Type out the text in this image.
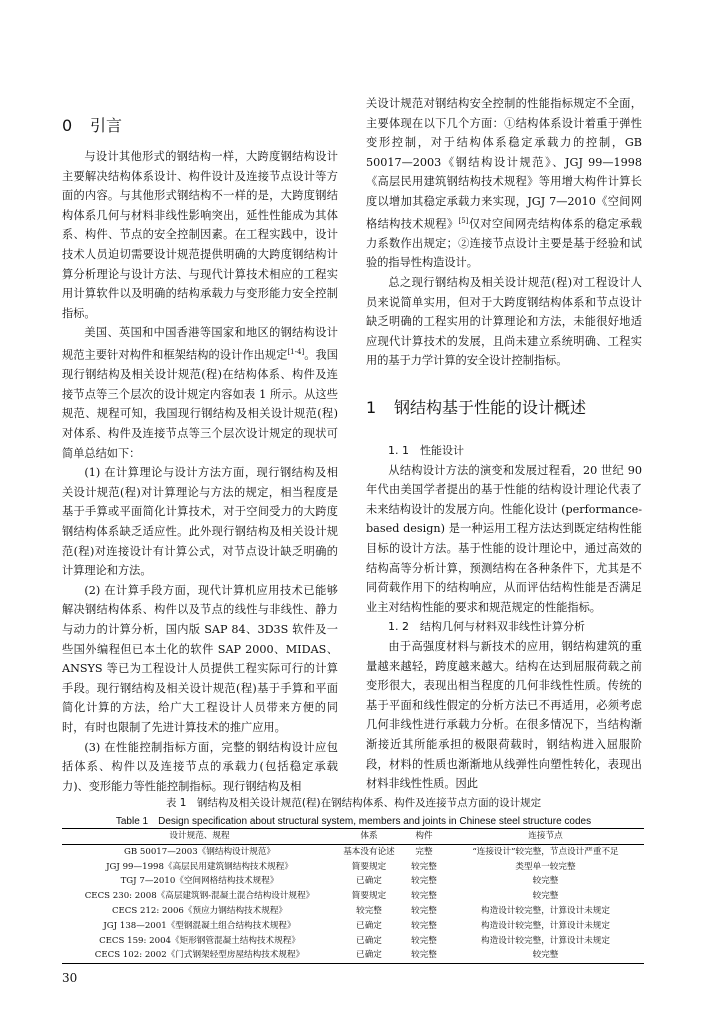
0 引言

与设计其他形式的钢结构一样，大跨度钢结构设计主要解决结构体系设计、构件设计及连接节点设计等方面的内容。与其他形式钢结构不一样的是，大跨度钢结构体系几何与材料非线性影响突出，延性性能成为其体系、构件、节点的安全控制因素。在工程实践中，设计技术人员迫切需要设计规范提供明确的大跨度钢结构计算分析理论与设计方法、与现代计算技术相应的工程实用计算软件以及明确的结构承载力与变形能力安全控制指标。

美国、英国和中国香港等国家和地区的钢结构设计规范主要针对构件和框架结构的设计作出规定[1-4]。我国现行钢结构及相关设计规范(程)在结构体系、构件及连接节点等三个层次的设计规定内容如表 1 所示。从这些规范、规程可知，我国现行钢结构及相关设计规范(程)对体系、构件及连接节点等三个层次设计规定的现状可简单总结如下：

(1) 在计算理论与设计方法方面，现行钢结构及相关设计规范(程)对计算理论与方法的规定，相当程度是基于手算或平面简化计算技术，对于空间受力的大跨度钢结构体系缺乏适应性。此外现行钢结构及相关设计规范(程)对连接设计有计算公式，对节点设计缺乏明确的计算理论和方法。

(2) 在计算手段方面，现代计算机应用技术已能够解决钢结构体系、构件以及节点的线性与非线性、静力与动力的计算分析，国内版 SAP 84、3D3S 软件及一些国外编程但已本土化的软件 SAP 2000、MIDAS、ANSYS 等已为工程设计人员提供工程实际可行的计算手段。现行钢结构及相关设计规范(程)基于手算和平面简化计算的方法，给广大工程设计人员带来方便的同时，有时也限制了先进计算技术的推广应用。

(3) 在性能控制指标方面，完整的钢结构设计应包括体系、构件以及连接节点的承载力(包括稳定承载力)、变形能力等性能控制指标。现行钢结构及相

关设计规范对钢结构安全控制的性能指标规定不全面，主要体现在以下几个方面：①结构体系设计着重于弹性变形控制，对于结构体系稳定承载力的控制，GB 50017—2003《钢结构设计规范》、JGJ 99—1998《高层民用建筑钢结构技术规程》等用增大构件计算长度以增加其稳定承载力来实现，JGJ 7—2010《空间网格结构技术规程》[5]仅对空间网壳结构体系的稳定承载力系数作出规定；②连接节点设计主要是基于经验和试验的指导性构造设计。

总之现行钢结构及相关设计规范(程)对工程设计人员来说简单实用，但对于大跨度钢结构体系和节点设计缺乏明确的工程实用的计算理论和方法，未能很好地适应现代计算技术的发展，且尚未建立系统明确、工程实用的基于力学计算的安全设计控制指标。

1 钢结构基于性能的设计概述

1. 1　 性能设计

从结构设计方法的演变和发展过程看，20 世纪 90 年代由美国学者提出的基于性能的结构设计理论代表了未来结构设计的发展方向。性能化设计 (performance-based design) 是一种运用工程方法达到既定结构性能目标的设计方法。基于性能的设计理论中，通过高效的结构高等分析计算，预测结构在各种条件下，尤其是不同荷载作用下的结构响应，从而评估结构性能是否满足业主对结构性能的要求和规范规定的性能指标。

1. 2　 结构几何与材料双非线性计算分析

由于高强度材料与新技术的应用，钢结构建筑的重量越来越轻，跨度越来越大。结构在达到屈服荷载之前变形很大，表现出相当程度的几何非线性性质。传统的基于平面和线性假定的分析方法已不再适用，必须考虑几何非线性进行承载力分析。在很多情况下，当结构渐渐接近其所能承担的极限荷载时，钢结构进入屈服阶段，材料的性质也渐渐地从线弹性向塑性转化，表现出材料非线性性质。因此

表 1　钢结构及相关设计规范(程)在钢结构体系、构件及连接节点方面的设计规定
Table 1　Design specification about structural system, members and joints in Chinese steel structure codes
设计规范、规程	体系	构件	连接节点
GB 50017—2003《钢结构设计规范》	基本没有论述	完整	“连接设计”较完整，节点设计严重不足
JGJ 99—1998《高层民用建筑钢结构技术规程》	简要规定	较完整	类型单一较完整
TGJ 7—2010《空间网格结构技术规程》	已确定	较完整	较完整
CECS 230: 2008《高层建筑钢-混凝土混合结构设计规程》	简要规定	较完整	较完整
CECS 212: 2006《预应力钢结构技术规程》	较完整	较完整	构造设计较完整，计算设计未规定
JGJ 138—2001《型钢混凝土组合结构技术规程》	已确定	较完整	构造设计较完整，计算设计未规定
CECS 159: 2004《矩形钢管混凝土结构技术规程》	已确定	较完整	构造设计较完整，计算设计未规定
CECS 102: 2002《门式钢架轻型房屋结构技术规程》	已确定	较完整	较完整
30
